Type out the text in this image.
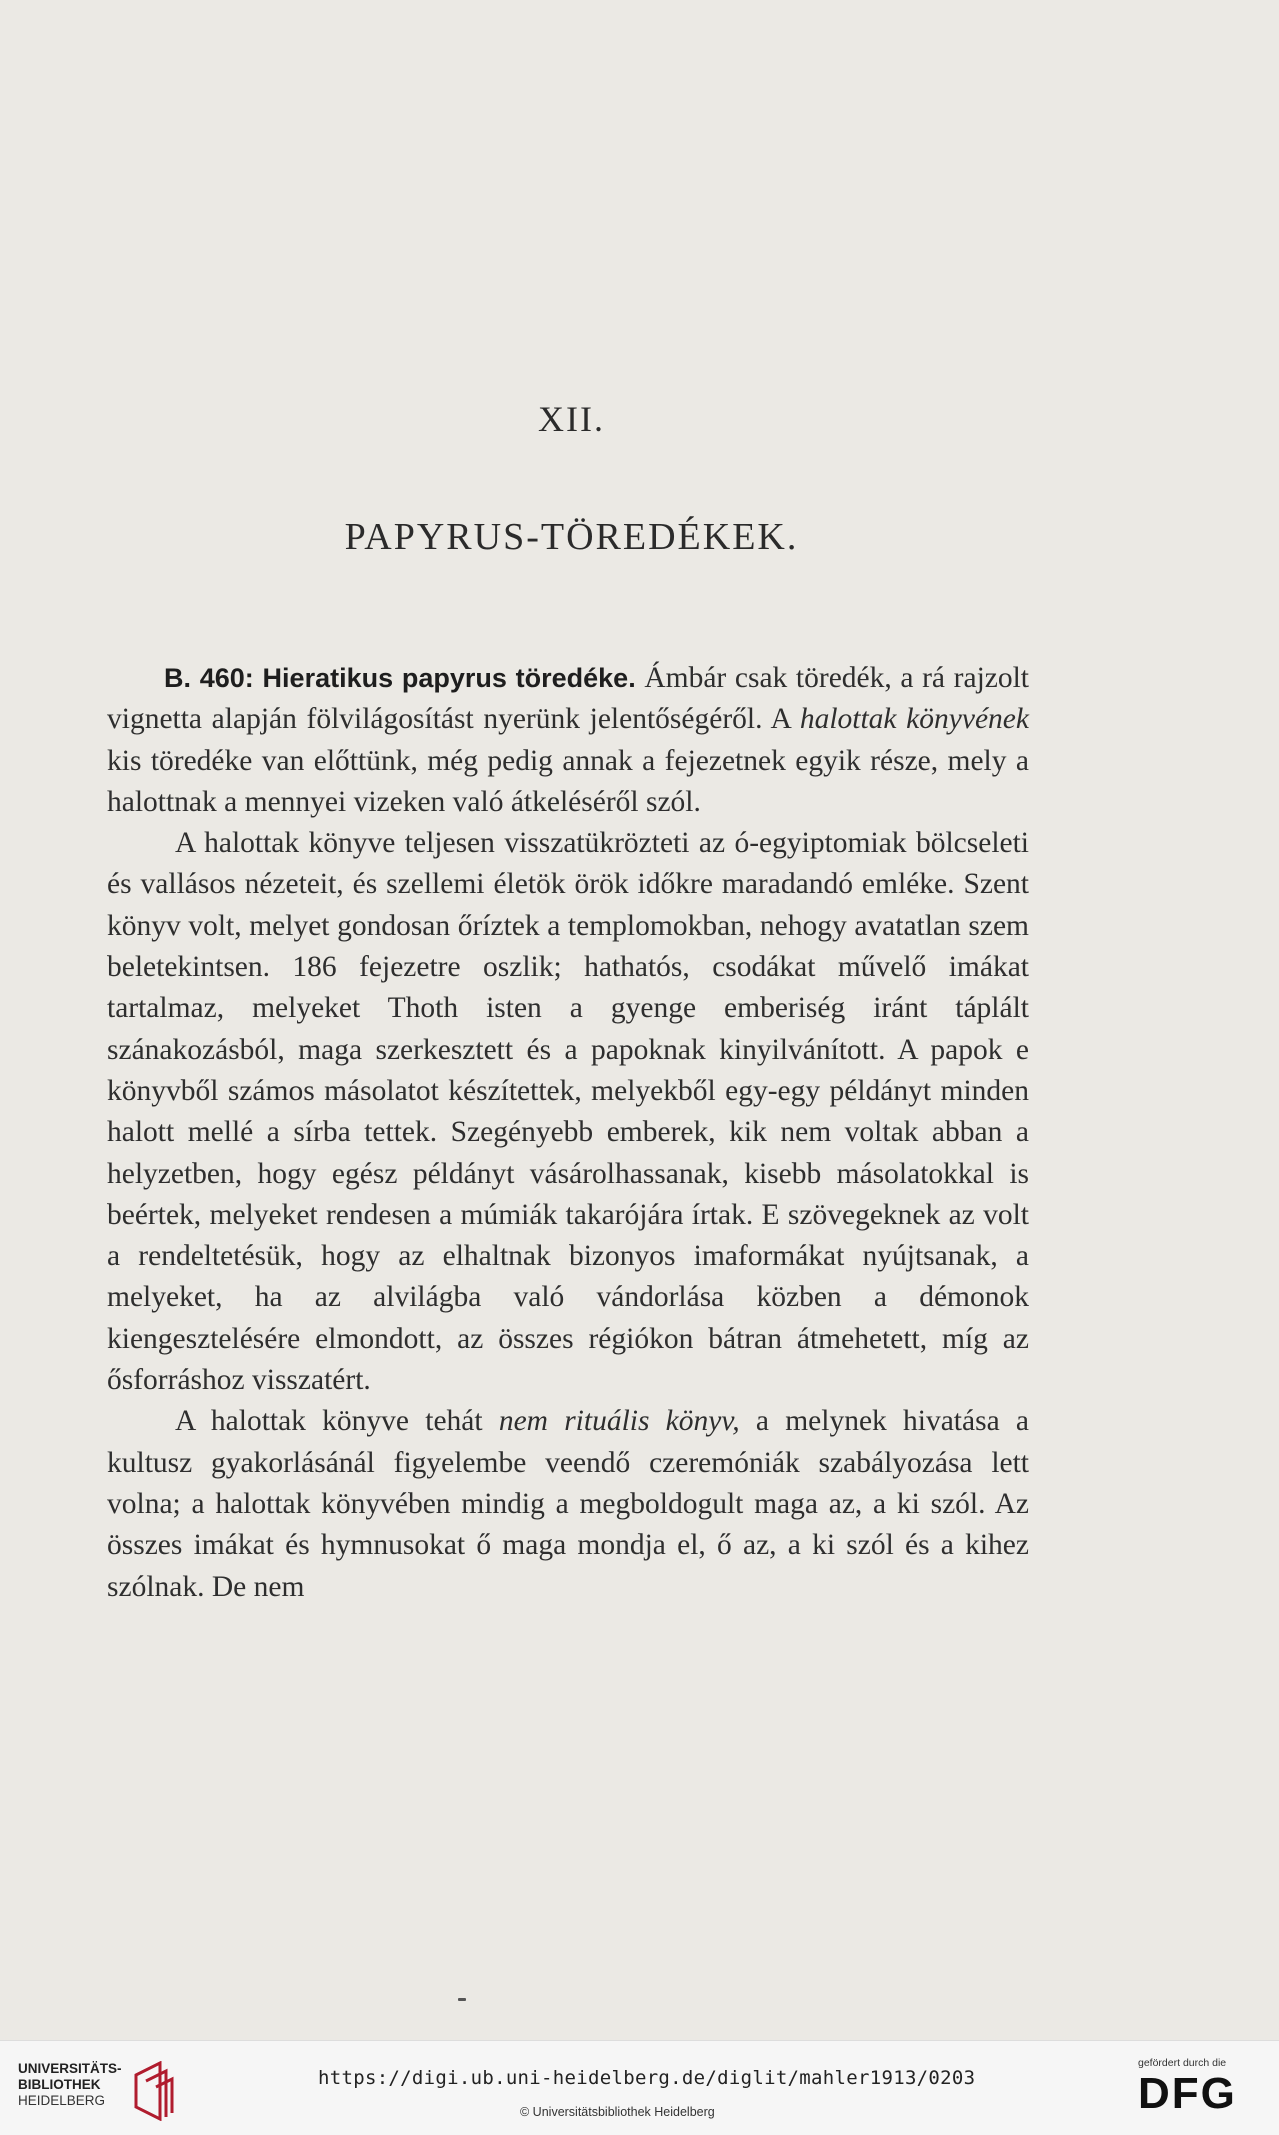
XII.
PAPYRUS-TÖREDÉKEK.

B. 460: Hieratikus papyrus töredéke. Ámbár csak töredék, a rá rajzolt vignetta alapján fölvilágosítást nyerünk jelentőségéről. A halottak könyvének kis töredéke van előttünk, még pedig annak a fejezetnek egyik része, mely a halottnak a mennyei vizeken való átkeléséről szól.

A halottak könyve teljesen visszatükrözteti az ó-egyiptomiak bölcseleti és vallásos nézeteit, és szellemi életök örök időkre maradandó emléke. Szent könyv volt, melyet gondosan őríztek a templomokban, nehogy avatatlan szem beletekintsen. 186 fejezetre oszlik; hathatós, csodákat művelő imákat tartalmaz, melyeket Thoth isten a gyenge emberiség iránt táplált szánakozásból, maga szerkesztett és a papoknak kinyilvánított. A papok e könyvből számos másolatot készítettek, melyekből egy-egy példányt minden halott mellé a sírba tettek. Szegényebb emberek, kik nem voltak abban a helyzetben, hogy egész példányt vásárolhassanak, kisebb másolatokkal is beértek, melyeket rendesen a múmiák takarójára írtak. E szövegeknek az volt a rendeltetésük, hogy az elhaltnak bizonyos imaformákat nyújtsanak, a melyeket, ha az alvilágba való vándorlása közben a démonok kiengesztelésére elmondott, az összes régiókon bátran átmehetett, míg az ősforráshoz visszatért.

A halottak könyve tehát nem rituális könyv, a melynek hivatása a kultusz gyakorlásánál figyelembe veendő czeremóniák szabályozása lett volna; a halottak könyvében mindig a megboldogult maga az, a ki szól. Az összes imákat és hymnusokat ő maga mondja el, ő az, a ki szól és a kihez szólnak. De nem

UNIVERSITÄTS-
BIBLIOTHEK
HEIDELBERG
https://digi.ub.uni-heidelberg.de/diglit/mahler1913/0203
© Universitätsbibliothek Heidelberg
gefördert durch die
DFG
